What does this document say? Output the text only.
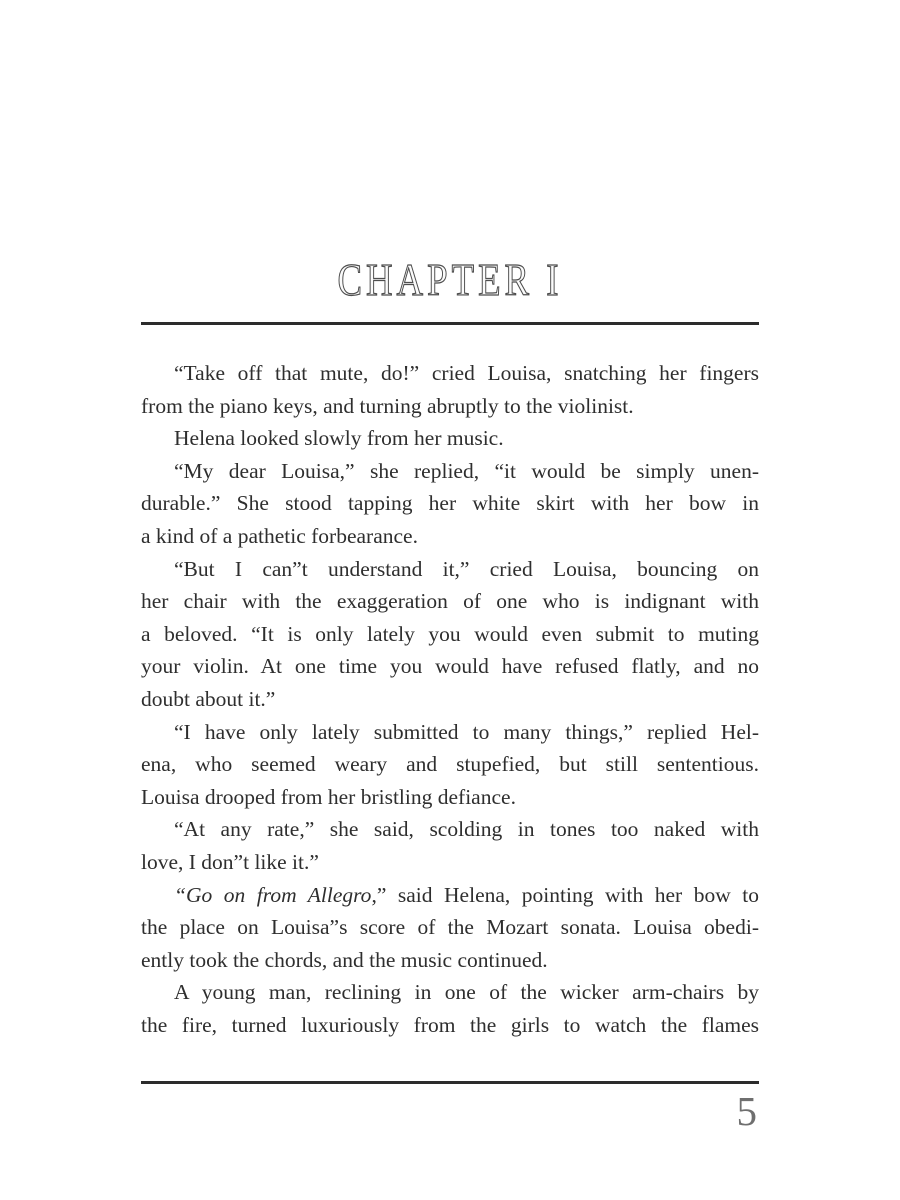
CHAPTER I

“Take off that mute, do!” cried Louisa, snatching her fingers
from the piano keys, and turning abruptly to the violinist.

Helena looked slowly from her music.

“My dear Louisa,” she replied, “it would be simply unen-
durable.” She stood tapping her white skirt with her bow in
a kind of a pathetic forbearance.

“But I can”t understand it,” cried Louisa, bouncing on
her chair with the exaggeration of one who is indignant with
a beloved. “It is only lately you would even submit to muting
your violin. At one time you would have refused flatly, and no
doubt about it.”

“I have only lately submitted to many things,” replied Hel-
ena, who seemed weary and stupefied, but still sententious.
Louisa drooped from her bristling defiance.

“At any rate,” she said, scolding in tones too naked with
love, I don”t like it.”

“Go on from Allegro,” said Helena, pointing with her bow to
the place on Louisa”s score of the Mozart sonata. Louisa obedi-
ently took the chords, and the music continued.

A young man, reclining in one of the wicker arm-chairs by
the fire, turned luxuriously from the girls to watch the flames

5
